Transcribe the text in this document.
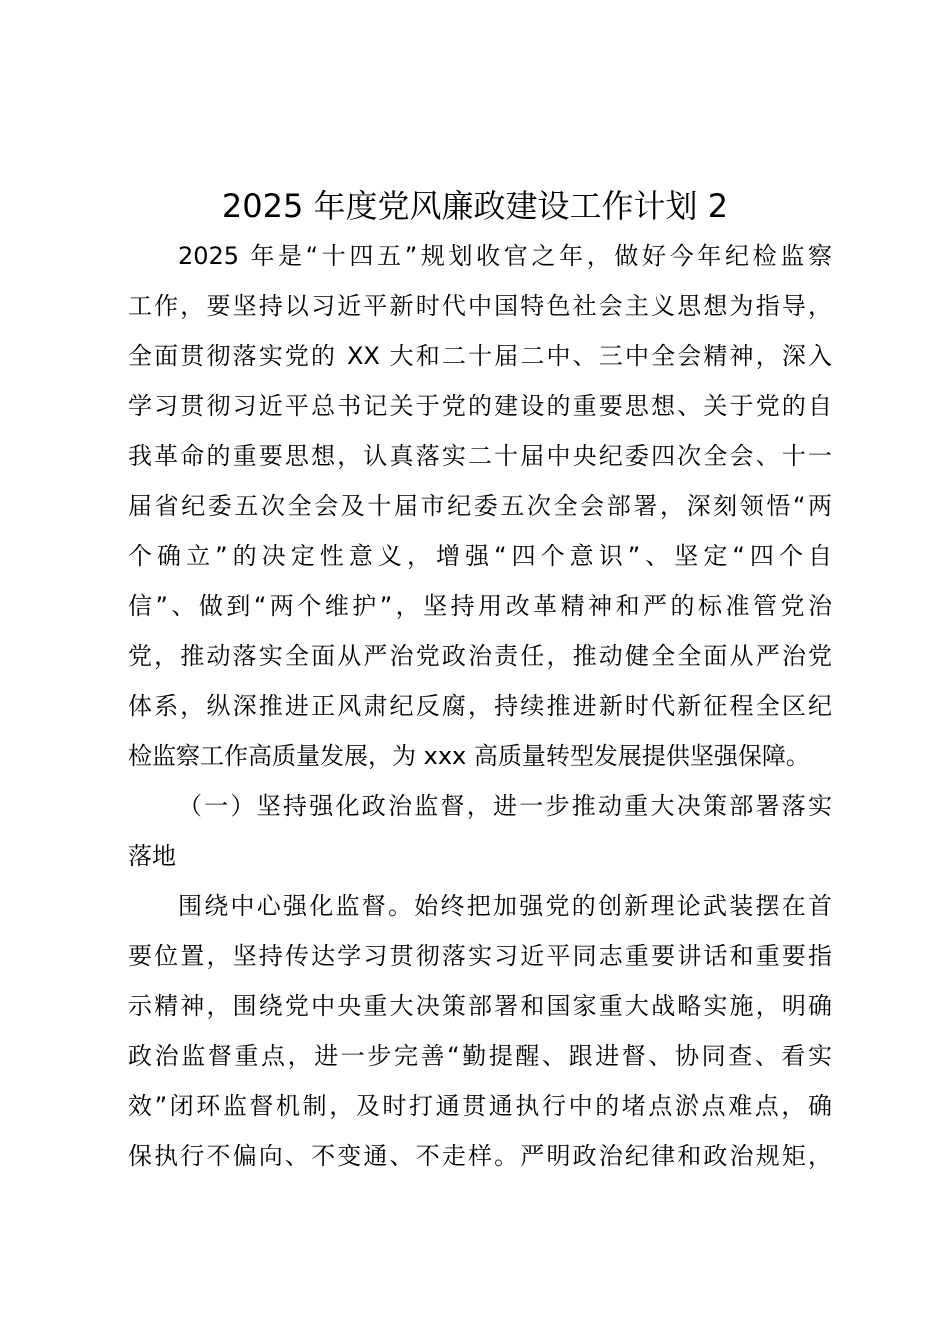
2025 年度党风廉政建设工作计划 2
2025 年是“十四五”规划收官之年，做好今年纪检监察
工作，要坚持以习近平新时代中国特色社会主义思想为指导，
全面贯彻落实党的 XX 大和二十届二中、三中全会精神，深入
学习贯彻习近平总书记关于党的建设的重要思想、关于党的自
我革命的重要思想，认真落实二十届中央纪委四次全会、十一
届省纪委五次全会及十届市纪委五次全会部署，深刻领悟“两
个确立”的决定性意义，增强“四个意识”、坚定“四个自
信”、做到“两个维护”，坚持用改革精神和严的标准管党治
党，推动落实全面从严治党政治责任，推动健全全面从严治党
体系，纵深推进正风肃纪反腐，持续推进新时代新征程全区纪
检监察工作高质量发展，为 xxx 高质量转型发展提供坚强保障。
（一）坚持强化政治监督，进一步推动重大决策部署落实
落地
围绕中心强化监督。始终把加强党的创新理论武装摆在首
要位置，坚持传达学习贯彻落实习近平同志重要讲话和重要指
示精神，围绕党中央重大决策部署和国家重大战略实施，明确
政治监督重点，进一步完善“勤提醒、跟进督、协同查、看实
效”闭环监督机制，及时打通贯通执行中的堵点淤点难点，确
保执行不偏向、不变通、不走样。严明政治纪律和政治规矩，
